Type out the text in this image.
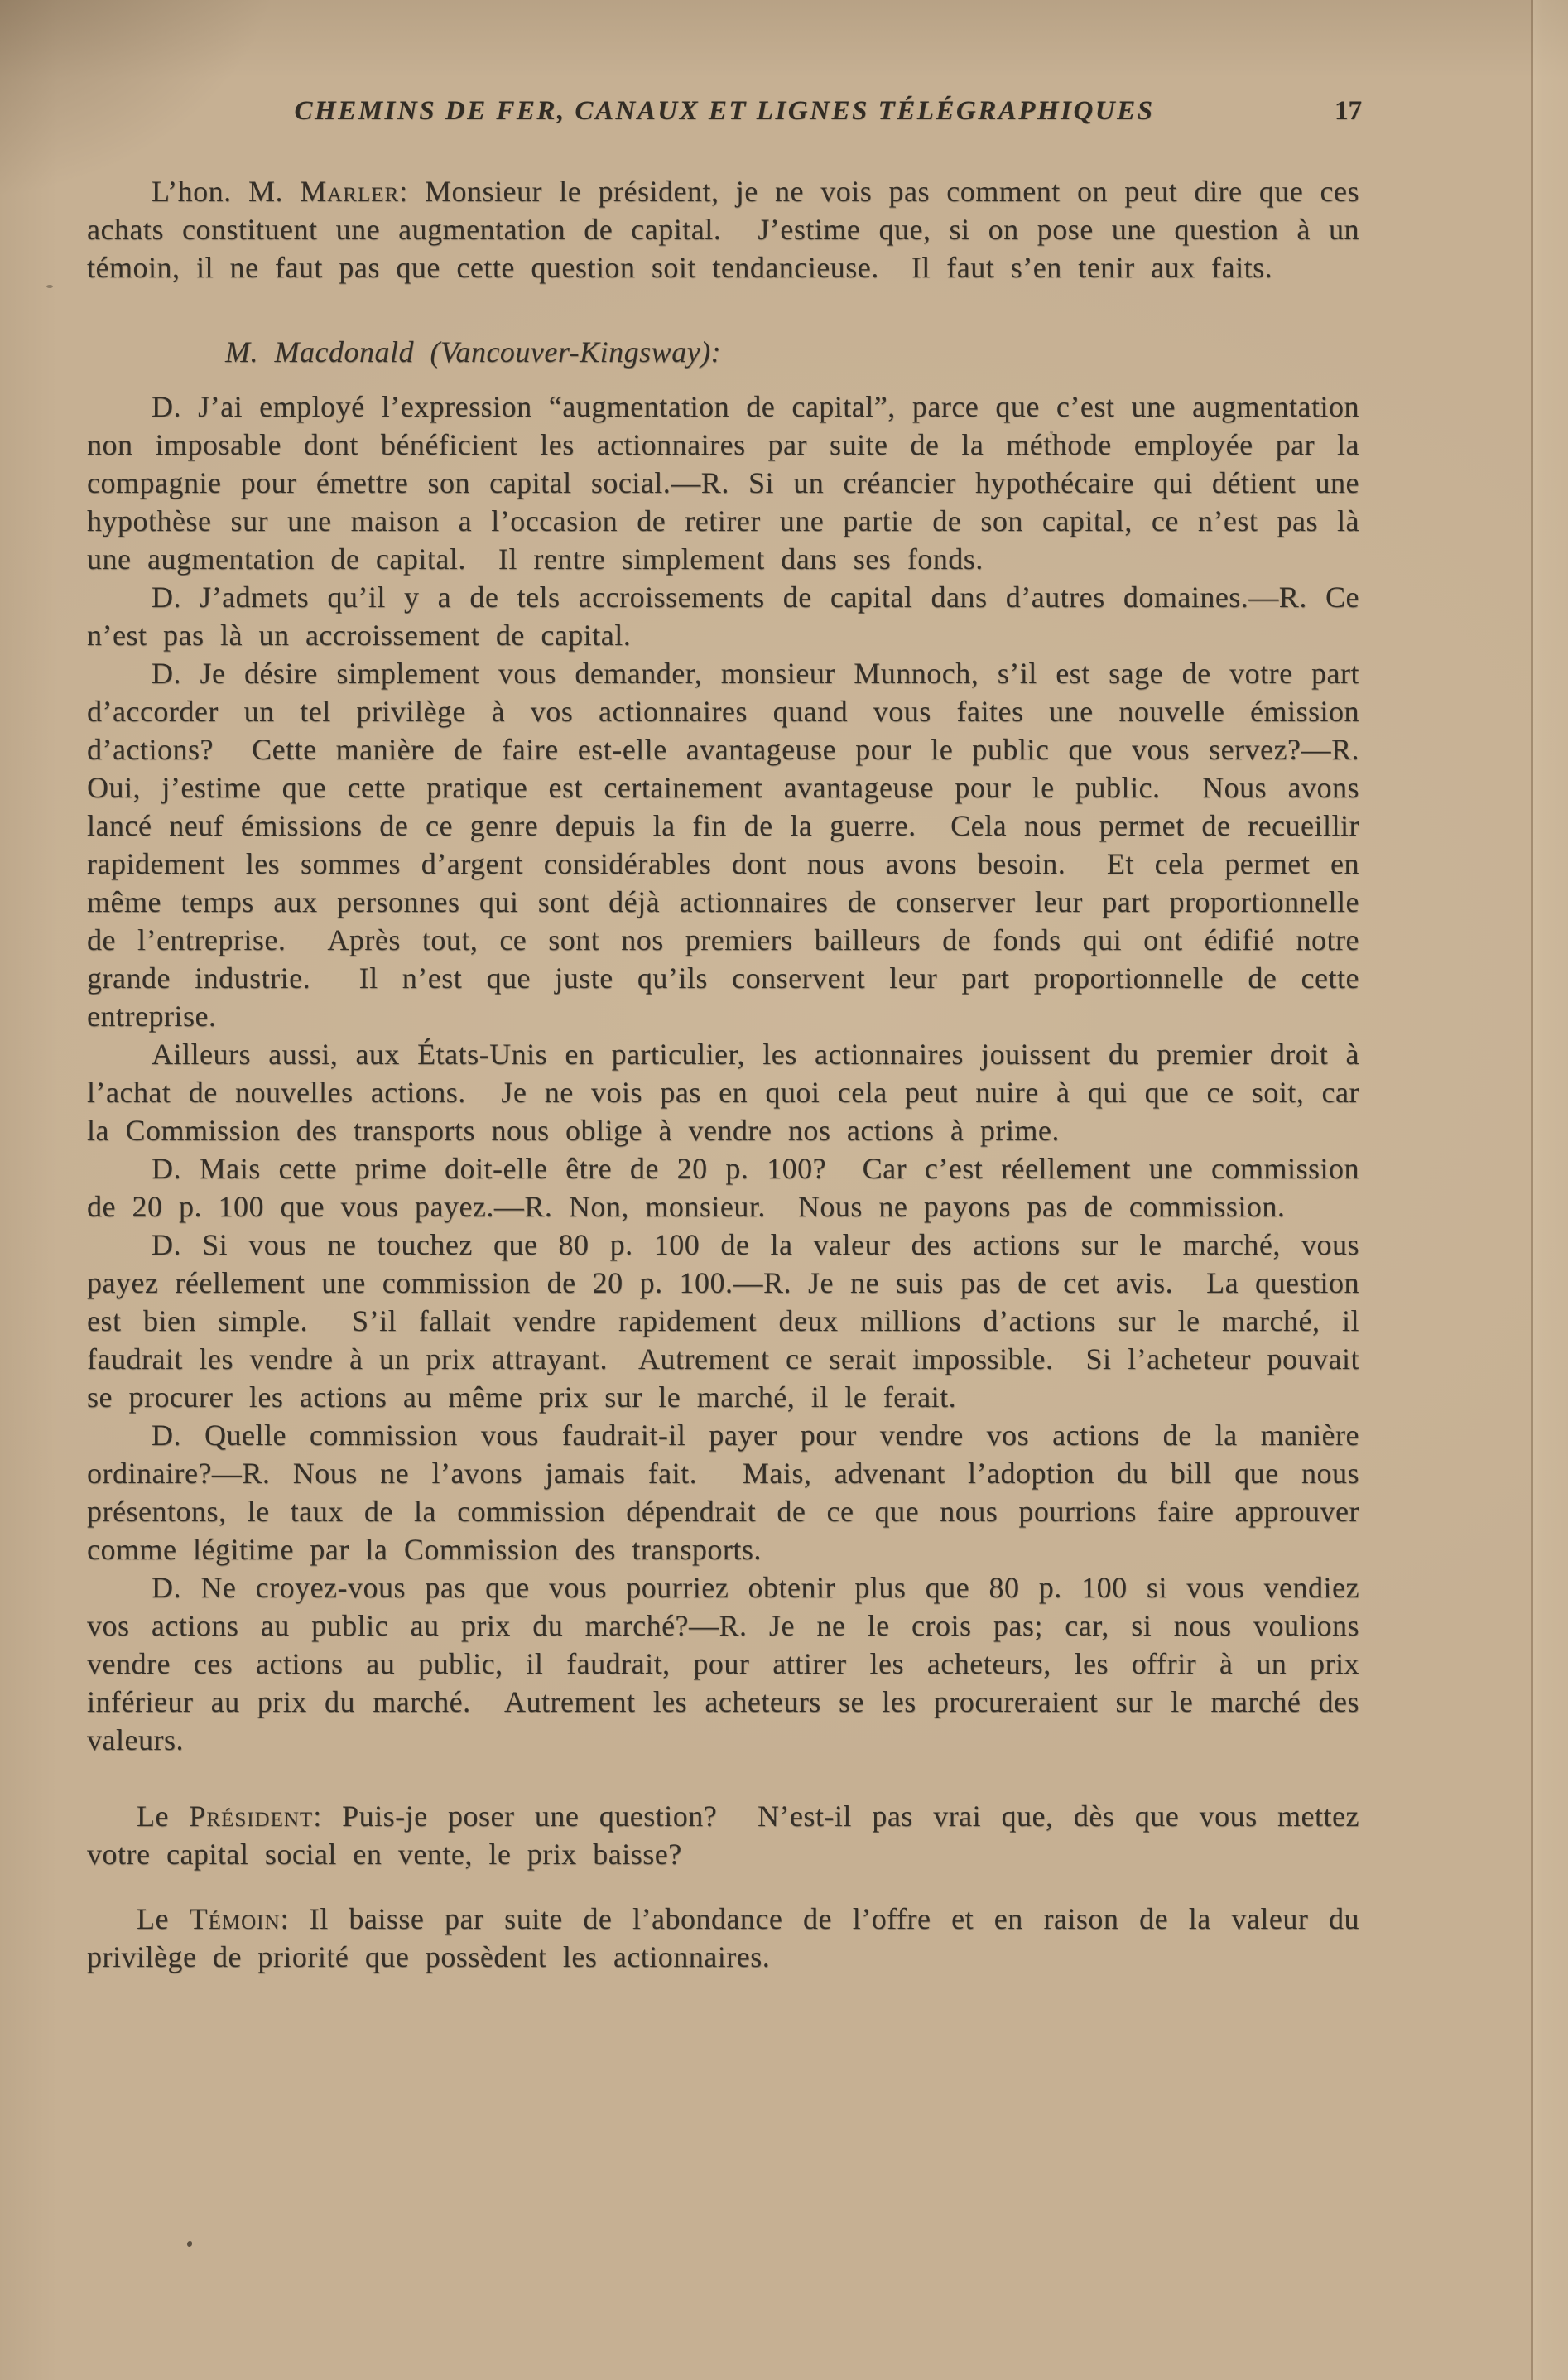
CHEMINS DE FER, CANAUX ET LIGNES TÉLÉGRAPHIQUES	17

L’hon. M. Marler: Monsieur le président, je ne vois pas comment on peut dire que ces achats constituent une augmentation de capital.  J’estime que, si on pose une question à un témoin, il ne faut pas que cette question soit tendancieuse.  Il faut s’en tenir aux faits.

M. Macdonald (Vancouver-Kingsway):

D. J’ai employé l’expression “augmentation de capital”, parce que c’est une augmentation non imposable dont bénéficient les actionnaires par suite de la méthode employée par la compagnie pour émettre son capital social.—R. Si un créancier hypothécaire qui détient une hypothèse sur une maison a l’occasion de retirer une partie de son capital, ce n’est pas là une augmentation de capital.  Il rentre simplement dans ses fonds.

D. J’admets qu’il y a de tels accroissements de capital dans d’autres domaines.—R. Ce n’est pas là un accroissement de capital.

D. Je désire simplement vous demander, monsieur Munnoch, s’il est sage de votre part d’accorder un tel privilège à vos actionnaires quand vous faites une nouvelle émission d’actions?  Cette manière de faire est-elle avantageuse pour le public que vous servez?—R. Oui, j’estime que cette pratique est certainement avantageuse pour le public.  Nous avons lancé neuf émissions de ce genre depuis la fin de la guerre.  Cela nous permet de recueillir rapidement les sommes d’argent considérables dont nous avons besoin.  Et cela permet en même temps aux personnes qui sont déjà actionnaires de conserver leur part proportionnelle de l’entreprise.  Après tout, ce sont nos premiers bailleurs de fonds qui ont édifié notre grande industrie.  Il n’est que juste qu’ils conservent leur part proportionnelle de cette entreprise.

Ailleurs aussi, aux États-Unis en particulier, les actionnaires jouissent du premier droit à l’achat de nouvelles actions.  Je ne vois pas en quoi cela peut nuire à qui que ce soit, car la Commission des transports nous oblige à vendre nos actions à prime.

D. Mais cette prime doit-elle être de 20 p. 100?  Car c’est réellement une commission de 20 p. 100 que vous payez.—R. Non, monsieur.  Nous ne payons pas de commission.

D. Si vous ne touchez que 80 p. 100 de la valeur des actions sur le marché, vous payez réellement une commission de 20 p. 100.—R. Je ne suis pas de cet avis.  La question est bien simple.  S’il fallait vendre rapidement deux millions d’actions sur le marché, il faudrait les vendre à un prix attrayant.  Autrement ce serait impossible.  Si l’acheteur pouvait se procurer les actions au même prix sur le marché, il le ferait.

D. Quelle commission vous faudrait-il payer pour vendre vos actions de la manière ordinaire?—R. Nous ne l’avons jamais fait.  Mais, advenant l’adoption du bill que nous présentons, le taux de la commission dépendrait de ce que nous pourrions faire approuver comme légitime par la Commission des transports.

D. Ne croyez-vous pas que vous pourriez obtenir plus que 80 p. 100 si vous vendiez vos actions au public au prix du marché?—R. Je ne le crois pas; car, si nous voulions vendre ces actions au public, il faudrait, pour attirer les acheteurs, les offrir à un prix inférieur au prix du marché.  Autrement les acheteurs se les procureraient sur le marché des valeurs.

Le Président: Puis-je poser une question?  N’est-il pas vrai que, dès que vous mettez votre capital social en vente, le prix baisse?

Le Témoin: Il baisse par suite de l’abondance de l’offre et en raison de la valeur du privilège de priorité que possèdent les actionnaires.
